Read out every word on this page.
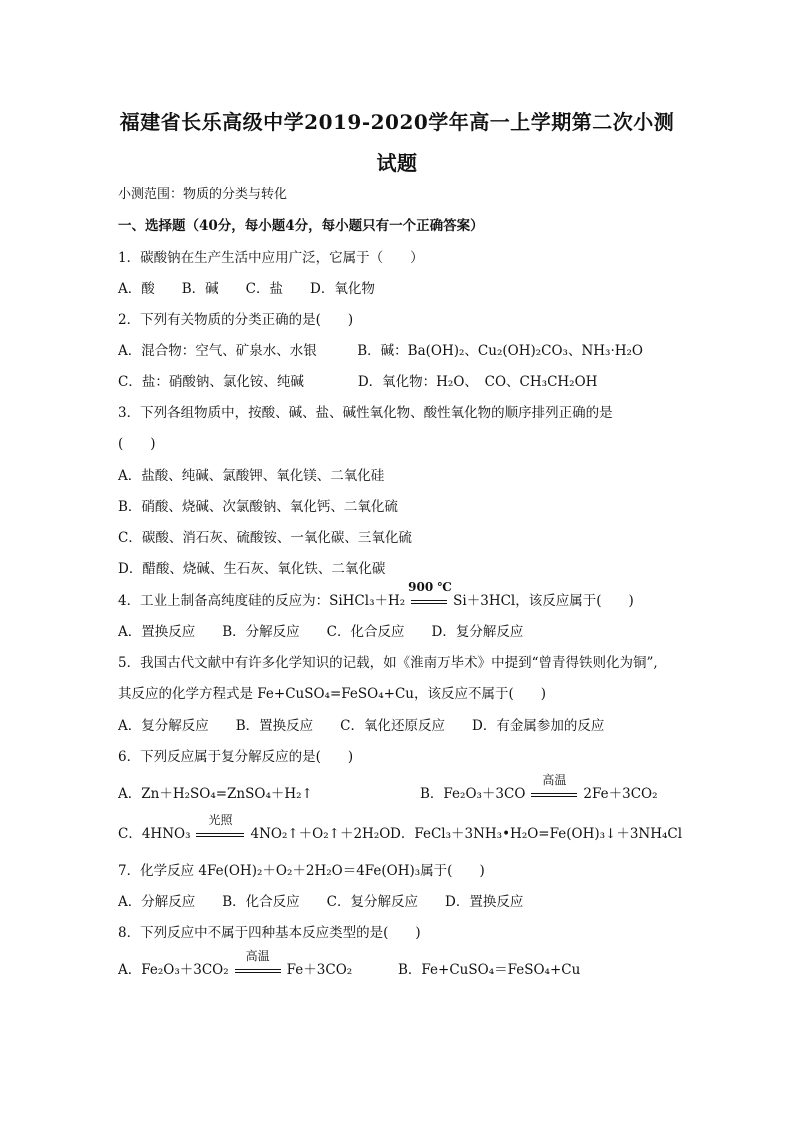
福建省长乐高级中学2019-2020学年高一上学期第二次小测
试题
小测范围：物质的分类与转化
一、选择题（40分，每小题4分，每小题只有一个正确答案）
1．碳酸钠在生产生活中应用广泛，它属于（　　）
A．酸　　B．碱　　C．盐　　D．氧化物
2．下列有关物质的分类正确的是(　　)
A．混合物：空气、矿泉水、水银　　　B．碱：Ba(OH)₂、Cu₂(OH)₂CO₃、NH₃·H₂O
C．盐：硝酸钠、氯化铵、纯碱　　　　D．氧化物：H₂O、　CO、CH₃CH₂OH
3．下列各组物质中，按酸、碱、盐、碱性氧化物、酸性氧化物的顺序排列正确的是
(　　)
A．盐酸、纯碱、氯酸钾、氧化镁、二氧化硅
B．硝酸、烧碱、次氯酸钠、氧化钙、二氧化硫
C．碳酸、消石灰、硫酸铵、一氧化碳、三氧化硫
D．醋酸、烧碱、生石灰、氧化铁、二氧化碳
4．工业上制备高纯度硅的反应为：SiHCl₃＋H₂
900 ℃
Si＋3HCl，该反应属于(　　)
A．置换反应　　B．分解反应　　C．化合反应　　D．复分解反应
5．我国古代文献中有许多化学知识的记载，如《淮南万毕术》中提到“曾青得铁则化为铜”,
其反应的化学方程式是 Fe+CuSO₄=FeSO₄+Cu，该反应不属于(　　)
A．复分解反应　　B．置换反应　　C．氧化还原反应　　D．有金属参加的反应
6．下列反应属于复分解反应的是(　　)
A．Zn＋H₂SO₄=ZnSO₄＋H₂↑	B．Fe₂O₃＋3CO
高温
2Fe＋3CO₂
C．4HNO₃
光照
4NO₂↑＋O₂↑＋2H₂O D．FeCl₃＋3NH₃•H₂O=Fe(OH)₃↓＋3NH₄Cl
7．化学反应 4Fe(OH)₂＋O₂＋2H₂O＝4Fe(OH)₃属于(　　)
A．分解反应　　B．化合反应　　C．复分解反应　　D．置换反应
8．下列反应中不属于四种基本反应类型的是(　　)
A．Fe₂O₃＋3CO₂
高温
Fe＋3CO₂	B．Fe+CuSO₄＝FeSO₄+Cu
